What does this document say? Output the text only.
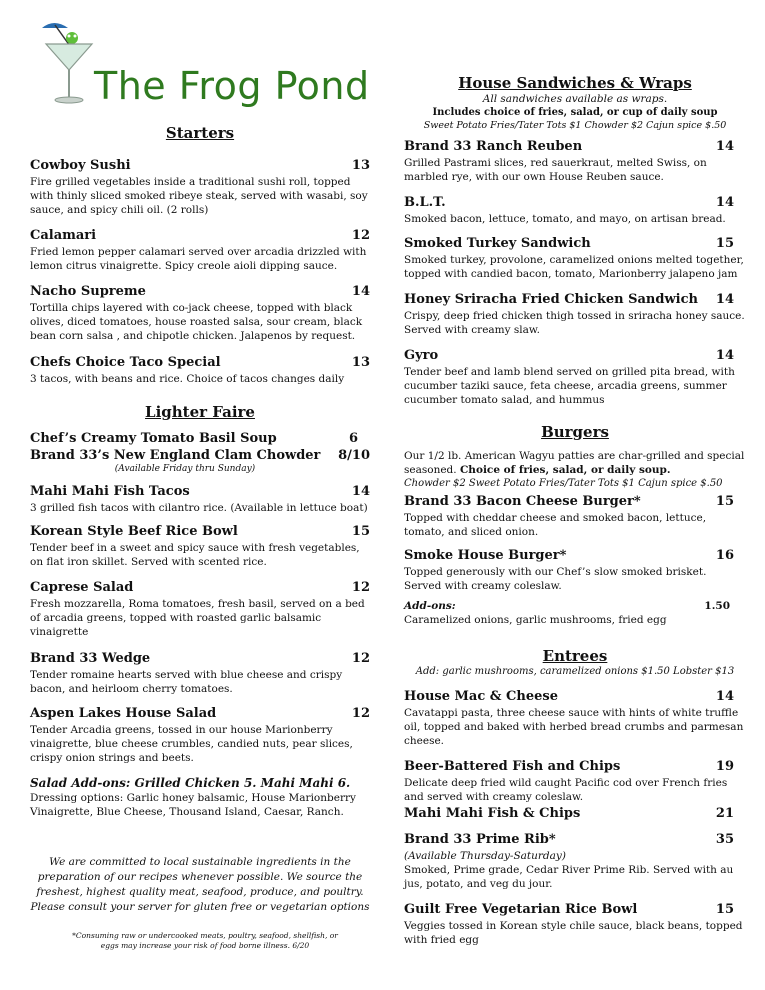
The Frog Pond
Starters
Cowboy Sushi	13
Fire grilled vegetables inside a traditional sushi roll, topped with thinly sliced smoked ribeye steak, served with wasabi, soy sauce, and spicy chili oil. (2 rolls)
Calamari	12
Fried lemon pepper calamari served over arcadia drizzled with lemon citrus vinaigrette. Spicy creole aioli dipping sauce.
Nacho Supreme	14
Tortilla chips layered with co-jack cheese, topped with black olives, diced tomatoes, house roasted salsa, sour cream, black bean corn salsa , and chipotle chicken. Jalapenos by request.
Chefs Choice Taco Special	13
3 tacos, with beans and rice. Choice of tacos changes daily
Lighter Faire
Chef’s Creamy Tomato Basil Soup	6
Brand 33’s New England Clam Chowder 8/10
(Available Friday thru Sunday)
Mahi Mahi Fish Tacos	14
3 grilled fish tacos with cilantro rice. (Available in lettuce boat)
Korean Style Beef Rice Bowl	15
Tender beef in a sweet and spicy sauce with fresh vegetables, on flat iron skillet. Served with scented rice.
Caprese Salad	12
Fresh mozzarella, Roma tomatoes, fresh basil, served on a bed of arcadia greens, topped with roasted garlic balsamic vinaigrette
Brand 33 Wedge	12
Tender romaine hearts served with blue cheese and crispy bacon, and heirloom cherry tomatoes.
Aspen Lakes House Salad	12
Tender Arcadia greens, tossed in our house Marionberry vinaigrette, blue cheese crumbles, candied nuts, pear slices, crispy onion strings and beets.
Salad Add-ons: Grilled Chicken 5. Mahi Mahi 6.
Dressing options: Garlic honey balsamic, House Marionberry Vinaigrette, Blue Cheese, Thousand Island, Caesar, Ranch.
We are committed to local sustainable ingredients in the preparation of our recipes whenever possible. We source the freshest, highest quality meat, seafood, produce, and poultry. Please consult your server for gluten free or vegetarian options
*Consuming raw or undercooked meats, poultry, seafood, shellfish, or eggs may increase your risk of food borne illness. 6/20
House Sandwiches & Wraps
All sandwiches available as wraps.
Includes choice of fries, salad, or cup of daily soup
Sweet Potato Fries/Tater Tots $1 Chowder $2 Cajun spice $.50
Brand 33 Ranch Reuben	14
Grilled Pastrami slices, red sauerkraut, melted Swiss, on marbled rye, with our own House Reuben sauce.
B.L.T.	14
Smoked bacon, lettuce, tomato, and mayo, on artisan bread.
Smoked Turkey Sandwich	15
Smoked turkey, provolone, caramelized onions melted together, topped with candied bacon, tomato, Marionberry jalapeno jam
Honey Sriracha Fried Chicken Sandwich 14
Crispy, deep fried chicken thigh tossed in sriracha honey sauce. Served with creamy slaw.
Gyro	14
Tender beef and lamb blend served on grilled pita bread, with cucumber taziki sauce, feta cheese, arcadia greens, summer cucumber tomato salad, and hummus
Burgers
Our 1/2 lb. American Wagyu patties are char-grilled and special seasoned. Choice of fries, salad, or daily soup.
Chowder $2 Sweet Potato Fries/Tater Tots $1 Cajun spice $.50
Brand 33 Bacon Cheese Burger*	15
Topped with cheddar cheese and smoked bacon, lettuce, tomato, and sliced onion.
Smoke House Burger*	16
Topped generously with our Chef’s slow smoked brisket. Served with creamy coleslaw.
Add-ons:	1.50
Caramelized onions, garlic mushrooms, fried egg
Entrees
Add: garlic mushrooms, caramelized onions $1.50 Lobster $13
House Mac & Cheese	14
Cavatappi pasta, three cheese sauce with hints of white truffle oil, topped and baked with herbed bread crumbs and parmesan cheese.
Beer-Battered Fish and Chips	19
Delicate deep fried wild caught Pacific cod over French fries and served with creamy coleslaw.
Mahi Mahi Fish & Chips	21
Brand 33 Prime Rib*	35
(Available Thursday-Saturday)
Smoked, Prime grade, Cedar River Prime Rib. Served with au jus, potato, and veg du jour.
Guilt Free Vegetarian Rice Bowl	15
Veggies tossed in Korean style chile sauce, black beans, topped with fried egg
